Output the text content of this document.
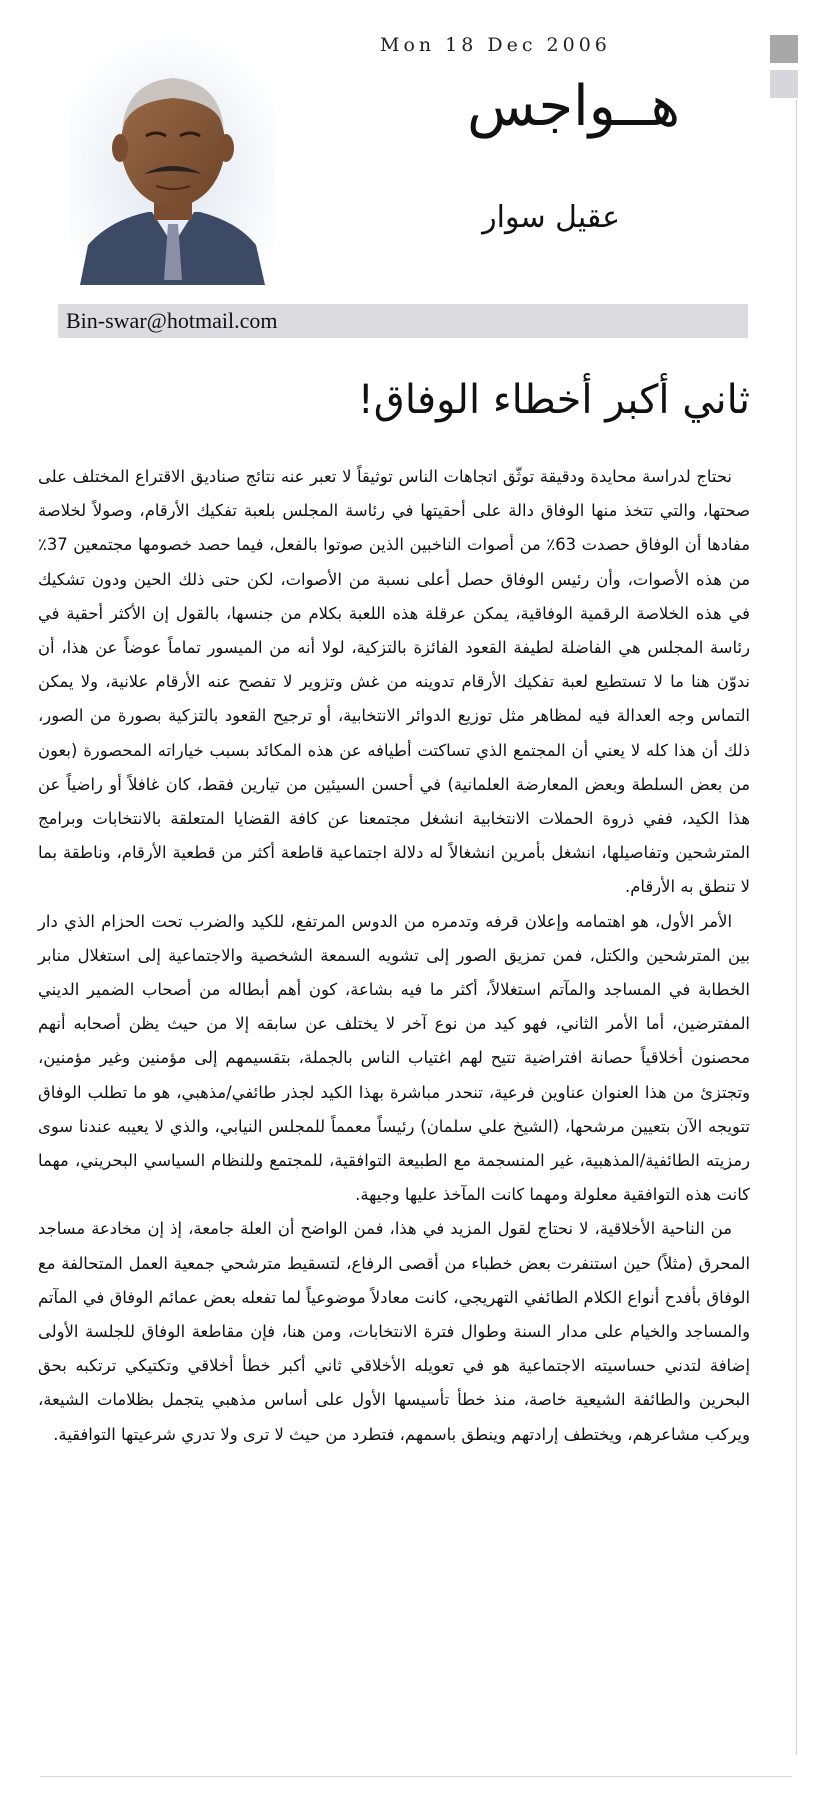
Mon 18 Dec 2006
هــواجس
عقيل سوار
Bin-swar@hotmail.com
ثاني أكبر أخطاء الوفاق!

نحتاج لدراسة محايدة ودقيقة توثّق اتجاهات الناس توثيقاً لا تعبر عنه نتائج صناديق الاقتراع المختلف على صحتها، والتي تتخذ منها الوفاق دالة على أحقيتها في رئاسة المجلس بلعبة تفكيك الأرقام، وصولاً لخلاصة مفادها أن الوفاق حصدت 63٪ من أصوات الناخبين الذين صوتوا بالفعل، فيما حصد خصومها مجتمعين 37٪ من هذه الأصوات، وأن رئيس الوفاق حصل أعلى نسبة من الأصوات، لكن حتى ذلك الحين ودون تشكيك في هذه الخلاصة الرقمية الوفاقية، يمكن عرقلة هذه اللعبة بكلام من جنسها، بالقول إن الأكثر أحقية في رئاسة المجلس هي الفاضلة لطيفة القعود الفائزة بالتزكية، لولا أنه من الميسور تماماً عوضاً عن هذا، أن ندوّن هنا ما لا تستطيع لعبة تفكيك الأرقام تدوينه من غش وتزوير لا تفصح عنه الأرقام علانية، ولا يمكن التماس وجه العدالة فيه لمظاهر مثل توزيع الدوائر الانتخابية، أو ترجيح القعود بالتزكية بصورة من الصور، ذلك أن هذا كله لا يعني أن المجتمع الذي تساكتت أطيافه عن هذه المكائد بسبب خياراته المحصورة (بعون من بعض السلطة وبعض المعارضة العلمانية) في أحسن السيئين من تيارين فقط، كان غافلاً أو راضياً عن هذا الكيد، ففي ذروة الحملات الانتخابية انشغل مجتمعنا عن كافة القضايا المتعلقة بالانتخابات وبرامج المترشحين وتفاصيلها، انشغل بأمرين انشغالاً له دلالة اجتماعية قاطعة أكثر من قطعية الأرقام، وناطقة بما لا تنطق به الأرقام.

الأمر الأول، هو اهتمامه وإعلان قرفه وتدمره من الدوس المرتفع، للكيد والضرب تحت الحزام الذي دار بين المترشحين والكتل، فمن تمزيق الصور إلى تشويه السمعة الشخصية والاجتماعية إلى استغلال منابر الخطابة في المساجد والمآتم استغلالاً، أكثر ما فيه بشاعة، كون أهم أبطاله من أصحاب الضمير الديني المفترضين، أما الأمر الثاني، فهو كيد من نوع آخر لا يختلف عن سابقه إلا من حيث يظن أصحابه أنهم محصنون أخلاقياً حصانة افتراضية تتيح لهم اغتياب الناس بالجملة، بتقسيمهم إلى مؤمنين وغير مؤمنين، وتجتزئ من هذا العنوان عناوين فرعية، تنحدر مباشرة بهذا الكيد لجذر طائفي/مذهبي، هو ما تطلب الوفاق تتويجه الآن بتعيين مرشحها، (الشيخ علي سلمان) رئيساً معمماً للمجلس النيابي، والذي لا يعيبه عندنا سوى رمزيته الطائفية/المذهبية، غير المنسجمة مع الطبيعة التوافقية، للمجتمع وللنظام السياسي البحريني، مهما كانت هذه التوافقية معلولة ومهما كانت المآخذ عليها وجيهة.

من الناحية الأخلاقية، لا نحتاج لقول المزيد في هذا، فمن الواضح أن العلة جامعة، إذ إن مخادعة مساجد المحرق (مثلاً) حين استنفرت بعض خطباء من أقصى الرفاع، لتسقيط مترشحي جمعية العمل المتحالفة مع الوفاق بأفدح أنواع الكلام الطائفي التهريجي، كانت معادلاً موضوعياً لما تفعله بعض عمائم الوفاق في المآتم والمساجد والخيام على مدار السنة وطوال فترة الانتخابات، ومن هنا، فإن مقاطعة الوفاق للجلسة الأولى إضافة لتدني حساسيته الاجتماعية هو في تعويله الأخلاقي ثاني أكبر خطأ أخلاقي وتكتيكي ترتكبه بحق البحرين والطائفة الشيعية خاصة، منذ خطأ تأسيسها الأول على أساس مذهبي يتجمل بظلامات الشيعة، ويركب مشاعرهم، ويختطف إرادتهم وينطق باسمهم، فتطرد من حيث لا ترى ولا تدري شرعيتها التوافقية.
